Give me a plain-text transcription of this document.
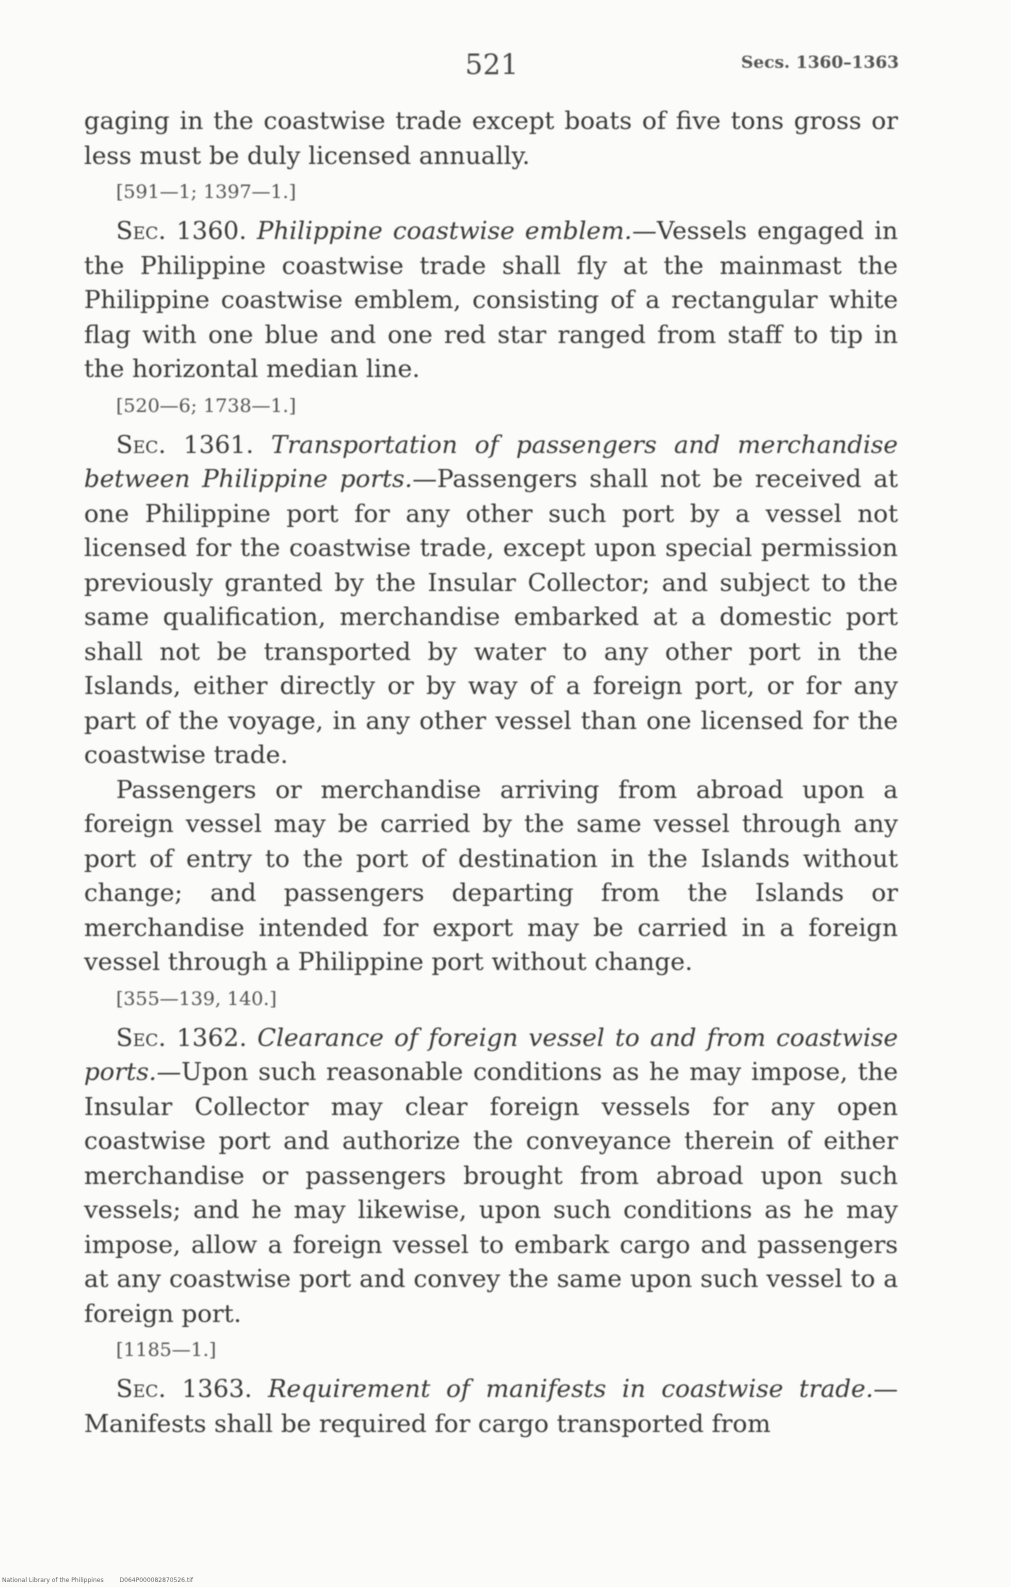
521	Secs. 1360–1363

gaging in the coastwise trade except boats of five tons gross or less must be duly licensed annually.

[591—1; 1397—1.]

Sec. 1360. Philippine coastwise emblem.—Vessels engaged in the Philippine coastwise trade shall fly at the mainmast the Philippine coastwise emblem, consisting of a rectangular white flag with one blue and one red star ranged from staff to tip in the horizontal median line.

[520—6; 1738—1.]

Sec. 1361. Transportation of passengers and merchandise between Philippine ports.—Passengers shall not be received at one Philippine port for any other such port by a vessel not licensed for the coastwise trade, except upon special permission previously granted by the Insular Collector; and subject to the same qualification, merchandise embarked at a domestic port shall not be transported by water to any other port in the Islands, either directly or by way of a foreign port, or for any part of the voyage, in any other vessel than one licensed for the coastwise trade.

Passengers or merchandise arriving from abroad upon a foreign vessel may be carried by the same vessel through any port of entry to the port of destination in the Islands without change; and passengers departing from the Islands or merchandise intended for export may be carried in a foreign vessel through a Philippine port without change.

[355—139, 140.]

Sec. 1362. Clearance of foreign vessel to and from coastwise ports.—Upon such reasonable conditions as he may impose, the Insular Collector may clear foreign vessels for any open coastwise port and authorize the conveyance therein of either merchandise or passengers brought from abroad upon such vessels; and he may likewise, upon such conditions as he may impose, allow a foreign vessel to embark cargo and passengers at any coastwise port and convey the same upon such vessel to a foreign port.

[1185—1.]

Sec. 1363. Requirement of manifests in coastwise trade.—Manifests shall be required for cargo transported from

National Library of the Philippines	D064P000082870526.tif
